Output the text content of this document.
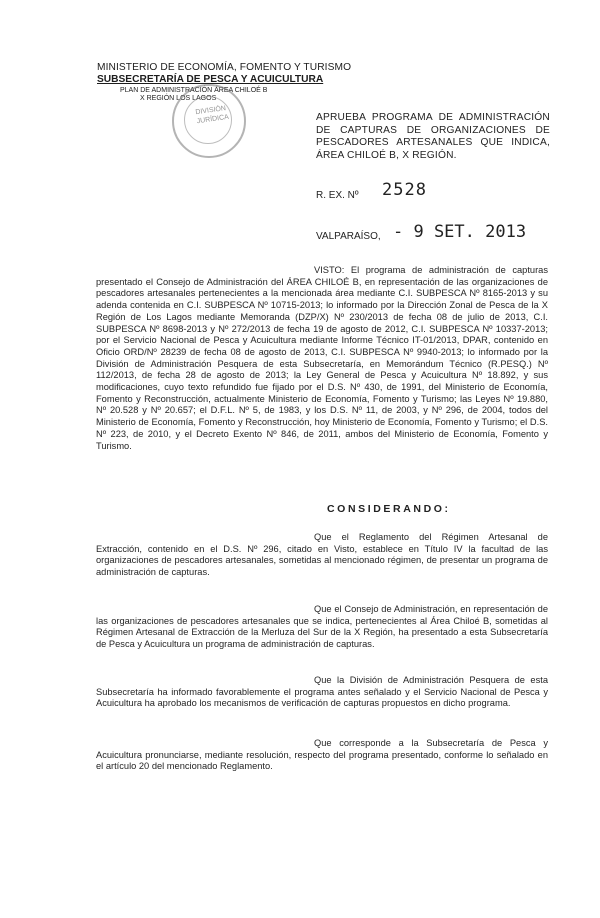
MINISTERIO DE ECONOMÍA, FOMENTO Y TURISMO
SUBSECRETARÍA DE PESCA Y ACUICULTURA
PLAN DE ADMINISTRACIÓN ÁREA CHILOÉ B
X REGIÓN LOS LAGOS
DIVISIÓN
JURÍDICA	APRUEBA PROGRAMA DE ADMINISTRACIÓN DE CAPTURAS DE ORGANIZACIONES DE PESCADORES ARTESANALES QUE INDICA, ÁREA CHILOÉ B, X REGIÓN.
R. EX. Nº 2528
VALPARAÍSO, - 9 SET. 2013
VISTO: El programa de administración de capturas presentado el Consejo de Administración del ÁREA CHILOÉ B, en representación de las organizaciones de pescadores artesanales pertenecientes a la mencionada área mediante C.I. SUBPESCA Nº 8165-2013 y su adenda contenida en C.I. SUBPESCA Nº 10715-2013; lo informado por la Dirección Zonal de Pesca de la X Región de Los Lagos mediante Memoranda (DZP/X) Nº 230/2013 de fecha 08 de julio de 2013, C.I. SUBPESCA Nº 8698-2013 y Nº 272/2013 de fecha 19 de agosto de 2012, C.I. SUBPESCA Nº 10337-2013; por el Servicio Nacional de Pesca y Acuicultura mediante Informe Técnico IT-01/2013, DPAR, contenido en Oficio ORD/Nº 28239 de fecha 08 de agosto de 2013, C.I. SUBPESCA Nº 9940-2013; lo informado por la División de Administración Pesquera de esta Subsecretaría, en Memorándum Técnico (R.PESQ.) Nº 112/2013, de fecha 28 de agosto de 2013; la Ley General de Pesca y Acuicultura Nº 18.892, y sus modificaciones, cuyo texto refundido fue fijado por el D.S. Nº 430, de 1991, del Ministerio de Economía, Fomento y Reconstrucción, actualmente Ministerio de Economía, Fomento y Turismo; las Leyes Nº 19.880, Nº 20.528 y Nº 20.657; el D.F.L. Nº 5, de 1983, y los D.S. Nº 11, de 2003, y Nº 296, de 2004, todos del Ministerio de Economía, Fomento y Reconstrucción, hoy Ministerio de Economía, Fomento y Turismo; el D.S. Nº 223, de 2010, y el Decreto Exento Nº 846, de 2011, ambos del Ministerio de Economía, Fomento y Turismo.
CONSIDERANDO:
Que el Reglamento del Régimen Artesanal de Extracción, contenido en el D.S. Nº 296, citado en Visto, establece en Título IV la facultad de las organizaciones de pescadores artesanales, sometidas al mencionado régimen, de presentar un programa de administración de capturas.
Que el Consejo de Administración, en representación de las organizaciones de pescadores artesanales que se indica, pertenecientes al Área Chiloé B, sometidas al Régimen Artesanal de Extracción de la Merluza del Sur de la X Región, ha presentado a esta Subsecretaría de Pesca y Acuicultura un programa de administración de capturas.
Que la División de Administración Pesquera de esta Subsecretaría ha informado favorablemente el programa antes señalado y el Servicio Nacional de Pesca y Acuicultura ha aprobado los mecanismos de verificación de capturas propuestos en dicho programa.
Que corresponde a la Subsecretaría de Pesca y Acuicultura pronunciarse, mediante resolución, respecto del programa presentado, conforme lo señalado en el artículo 20 del mencionado Reglamento.
